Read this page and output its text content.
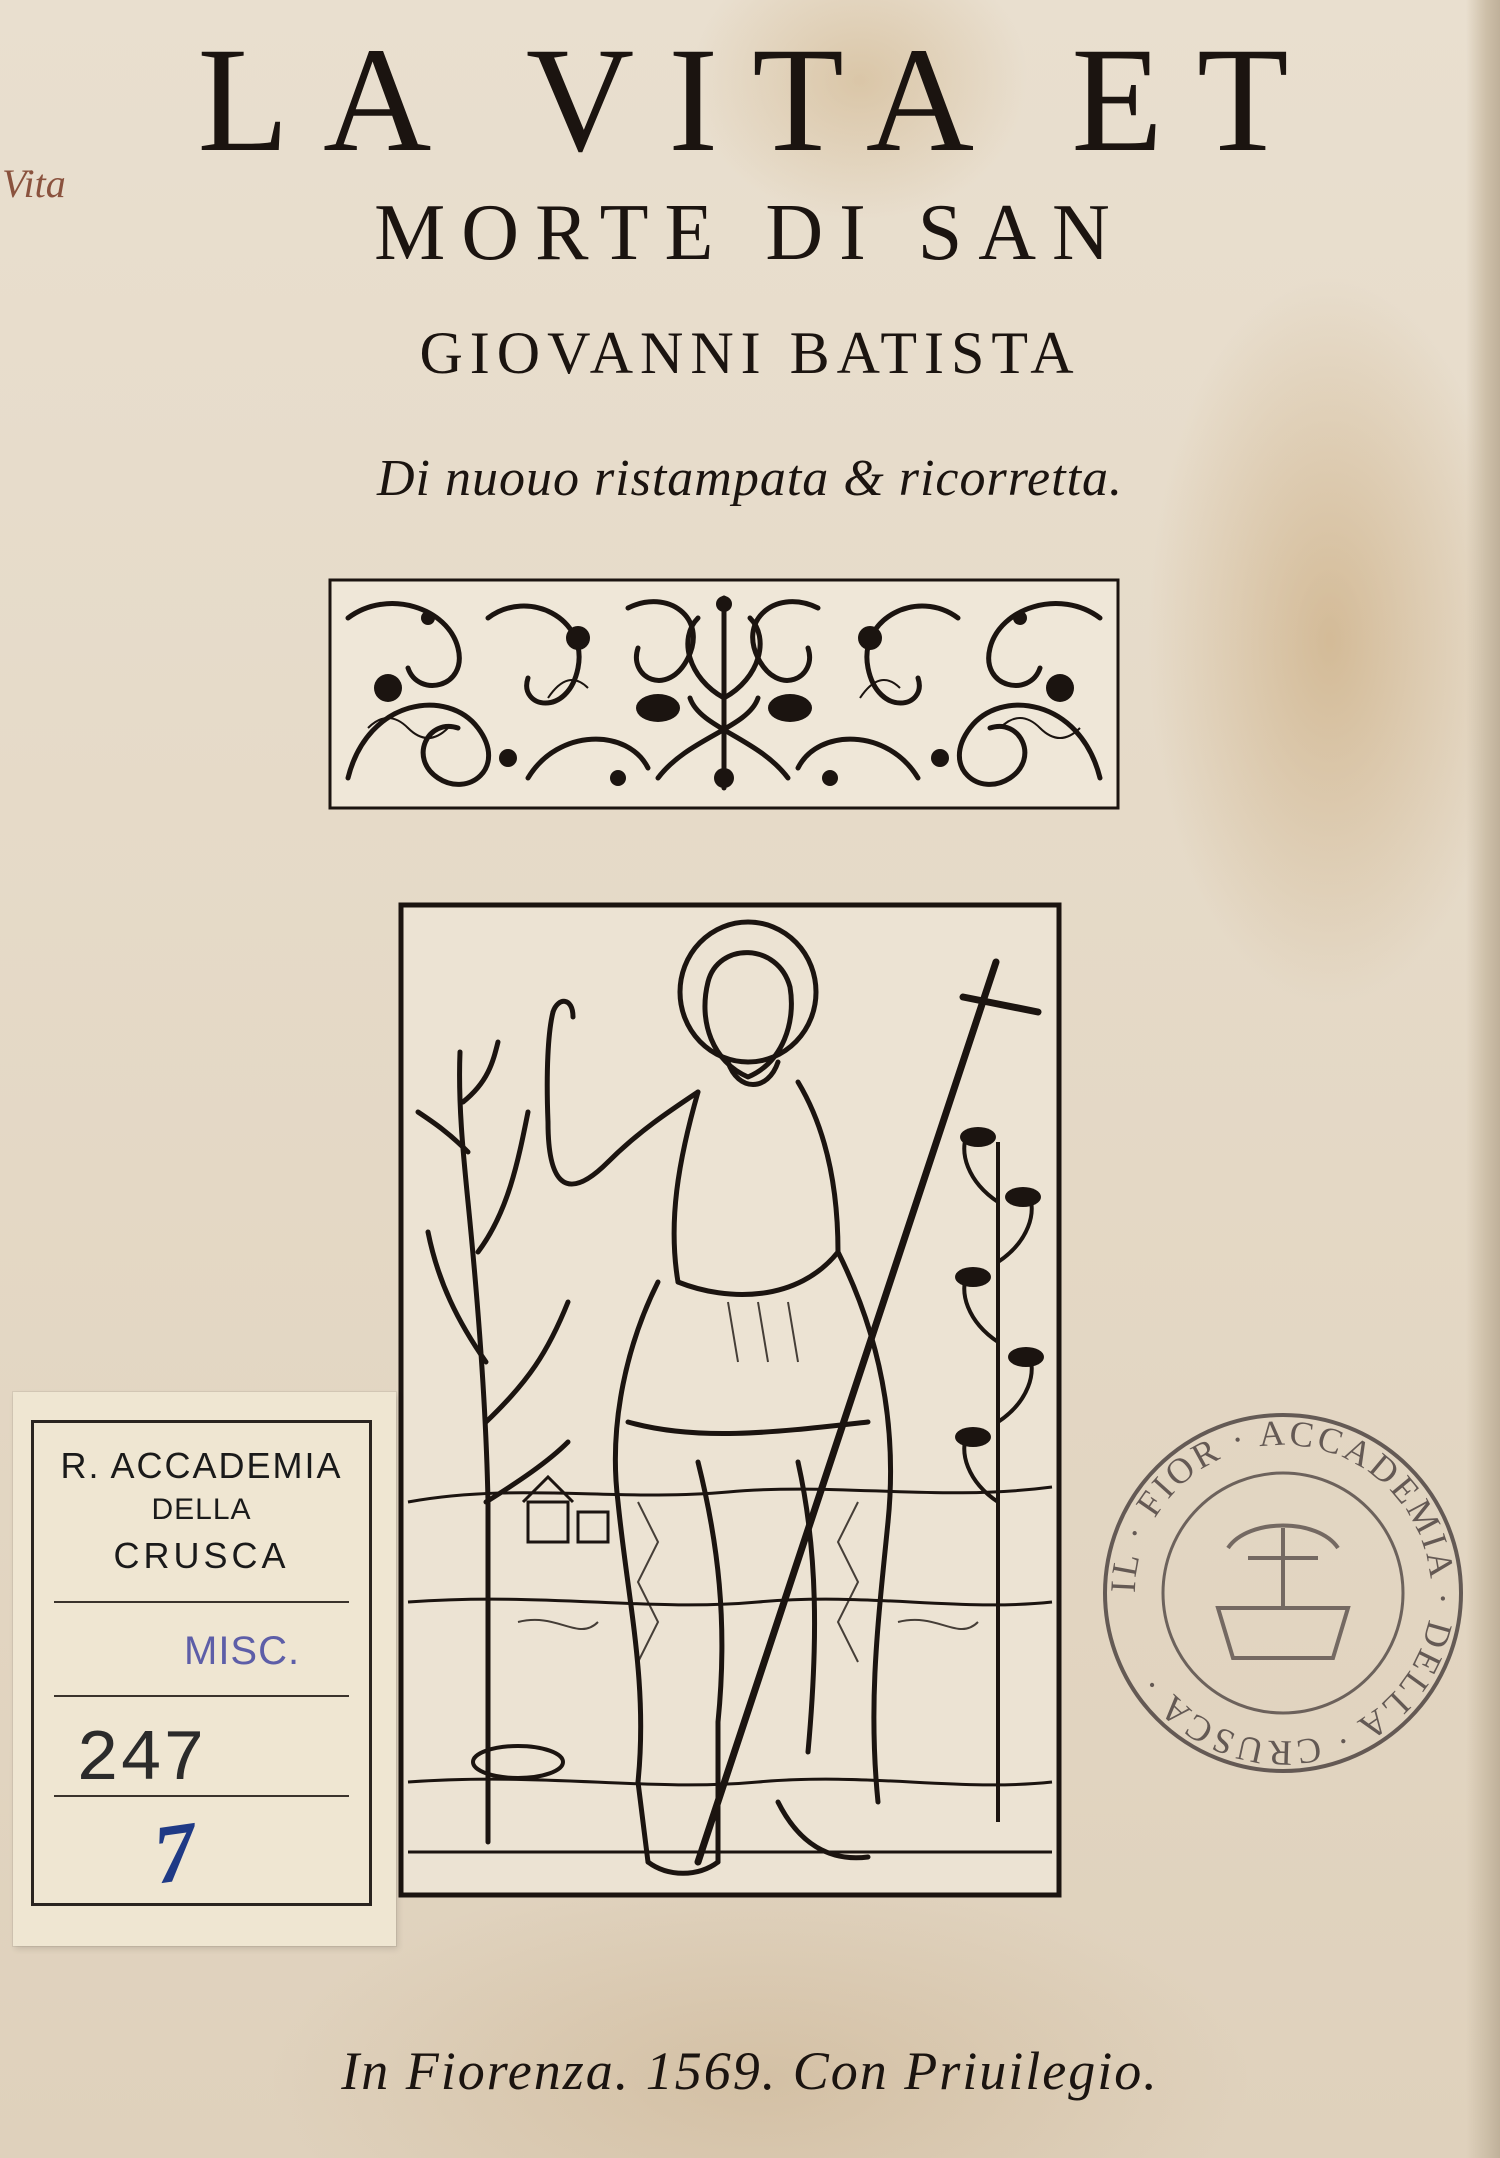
Vita
LA VITA ET
MORTE DI SAN
GIOVANNI BATISTA
Di nuouo ristampata & ricorretta.
R. ACCADEMIA
DELLA
CRUSCA
MISC.
247
7
IL · FIOR · ACCADEMIA · DELLA · CRUSCA ·
In Fiorenza. 1569. Con Priuilegio.
